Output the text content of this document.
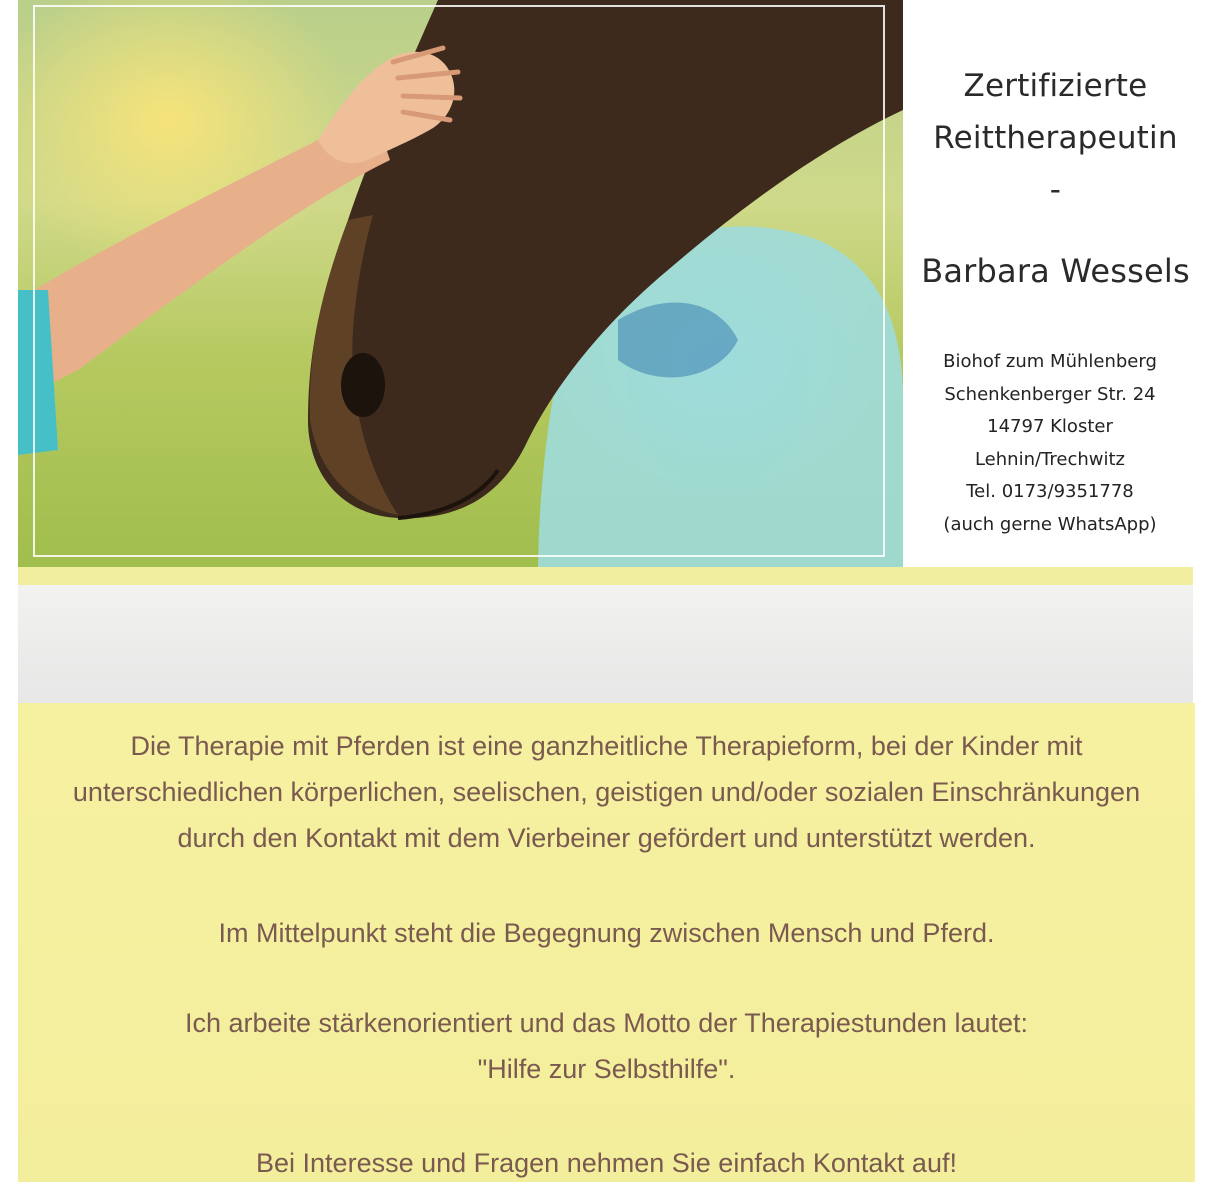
Zertifizierte
Reittherapeutin
-
Barbara Wessels
Biohof zum Mühlenberg
Schenkenberger Str. 24
14797 Kloster
Lehnin/Trechwitz
Tel. 0173/9351778
(auch gerne WhatsApp)
Die Therapie mit Pferden ist eine ganzheitliche Therapieform, bei der Kinder mit
unterschiedlichen körperlichen, seelischen, geistigen und/oder sozialen Einschränkungen
durch den Kontakt mit dem Vierbeiner gefördert und unterstützt werden.
Im Mittelpunkt steht die Begegnung zwischen Mensch und Pferd.
Ich arbeite stärkenorientiert und das Motto der Therapiestunden lautet:
"Hilfe zur Selbsthilfe".
Bei Interesse und Fragen nehmen Sie einfach Kontakt auf!
